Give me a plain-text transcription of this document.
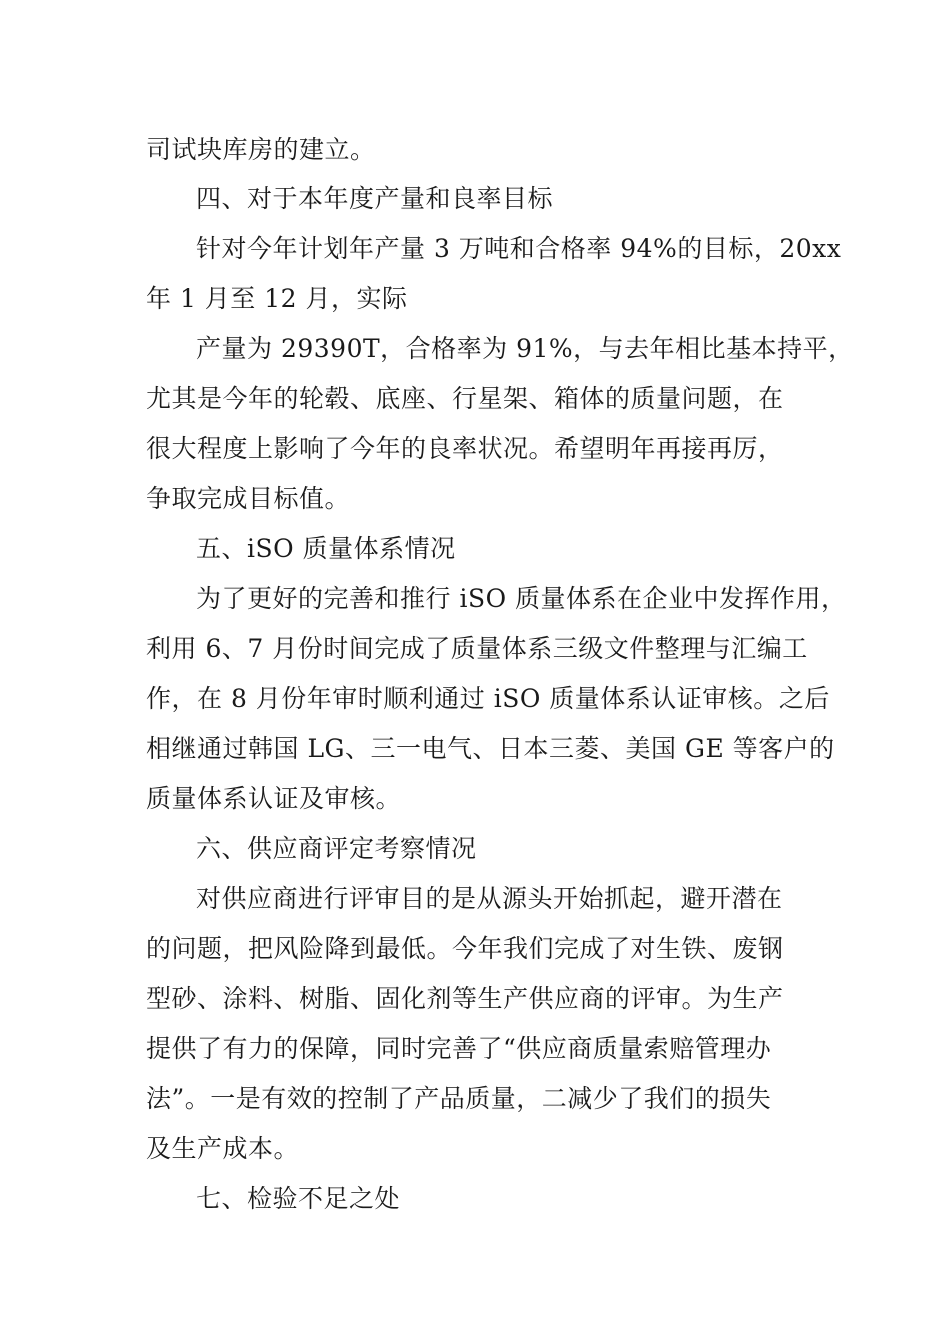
司试块库房的建立。
四、对于本年度产量和良率目标
针对今年计划年产量 3 万吨和合格率 94%的目标，20xx
年 1 月至 12 月，实际
产量为 29390T，合格率为 91%，与去年相比基本持平，
尤其是今年的轮毂、底座、行星架、箱体的质量问题，在
很大程度上影响了今年的良率状况。希望明年再接再厉，
争取完成目标值。
五、iSO 质量体系情况
为了更好的完善和推行 iSO 质量体系在企业中发挥作用，
利用 6、7 月份时间完成了质量体系三级文件整理与汇编工
作，在 8 月份年审时顺利通过 iSO 质量体系认证审核。之后
相继通过韩国 LG、三一电气、日本三菱、美国 GE 等客户的
质量体系认证及审核。
六、供应商评定考察情况
对供应商进行评审目的是从源头开始抓起，避开潜在
的问题，把风险降到最低。今年我们完成了对生铁、废钢
型砂、涂料、树脂、固化剂等生产供应商的评审。为生产
提供了有力的保障，同时完善了“供应商质量索赔管理办
法”。一是有效的控制了产品质量，二减少了我们的损失
及生产成本。
七、检验不足之处
